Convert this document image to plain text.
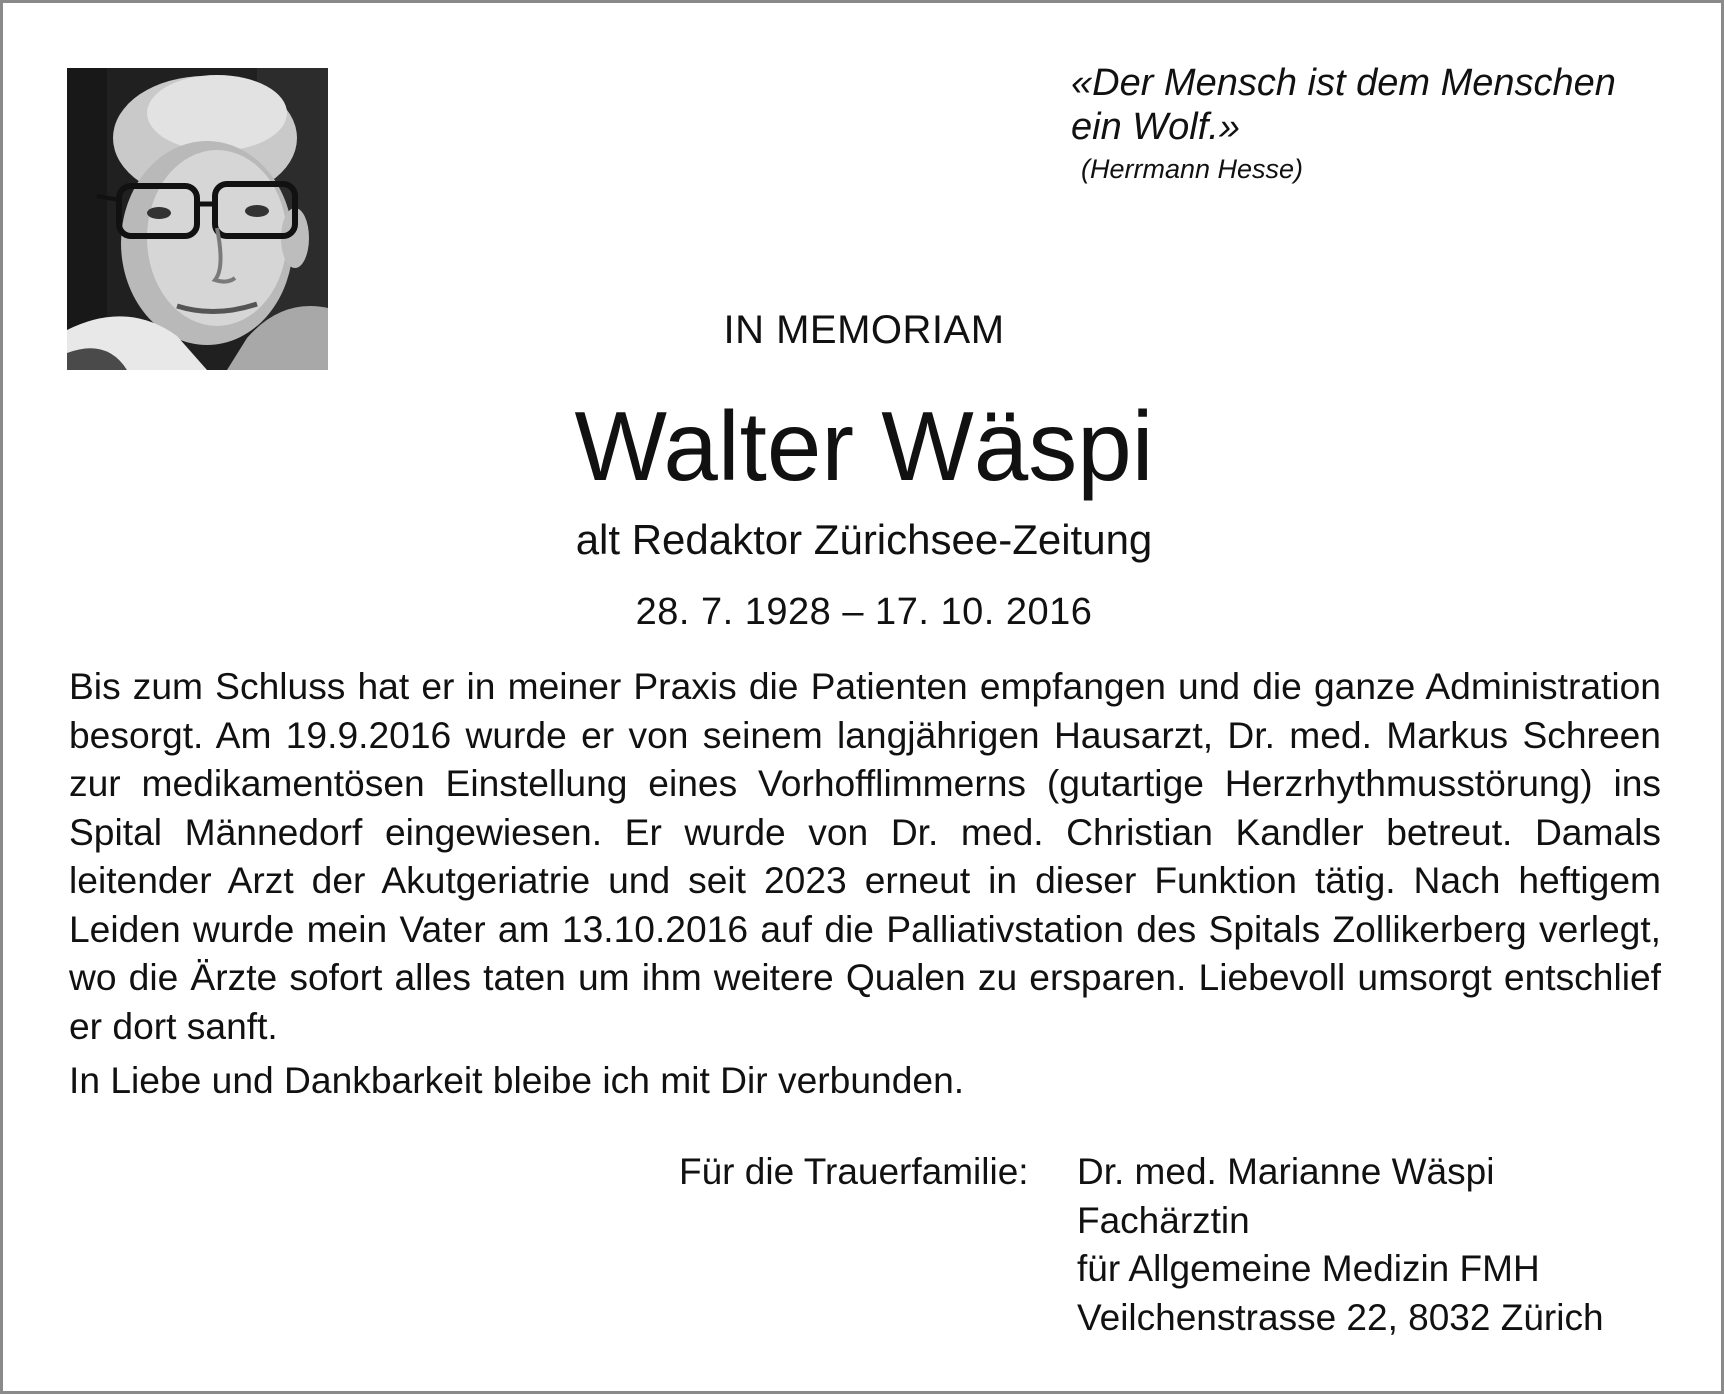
«Der Mensch ist dem Menschen
ein Wolf.»
(Herrmann Hesse)
IN MEMORIAM
Walter Wäspi
alt Redaktor Zürichsee-Zeitung
28. 7. 1928 – 17. 10. 2016

Bis zum Schluss hat er in meiner Praxis die Patienten empfangen und die ganze Administration besorgt. Am 19.9.2016 wurde er von seinem langjährigen Hausarzt, Dr. med. Markus Schreen zur medikamentösen Einstellung eines Vorhofflimmerns (gutartige Herzrhythmusstörung) ins Spital Männedorf eingewiesen. Er wurde von Dr. med. Christian Kandler betreut. Damals leitender Arzt der Akutgeriatrie und seit 2023 erneut in dieser Funktion tätig. Nach heftigem Leiden wurde mein Vater am 13.10.2016 auf die Palliativstation des Spitals Zollikerberg verlegt, wo die Ärzte sofort alles taten um ihm weitere Qualen zu ersparen. Liebevoll umsorgt entschlief er dort sanft.

In Liebe und Dankbarkeit bleibe ich mit Dir verbunden.
Für die Trauerfamilie: Dr. med. Marianne Wäspi
Fachärztin
für Allgemeine Medizin FMH
Veilchenstrasse 22, 8032 Zürich
